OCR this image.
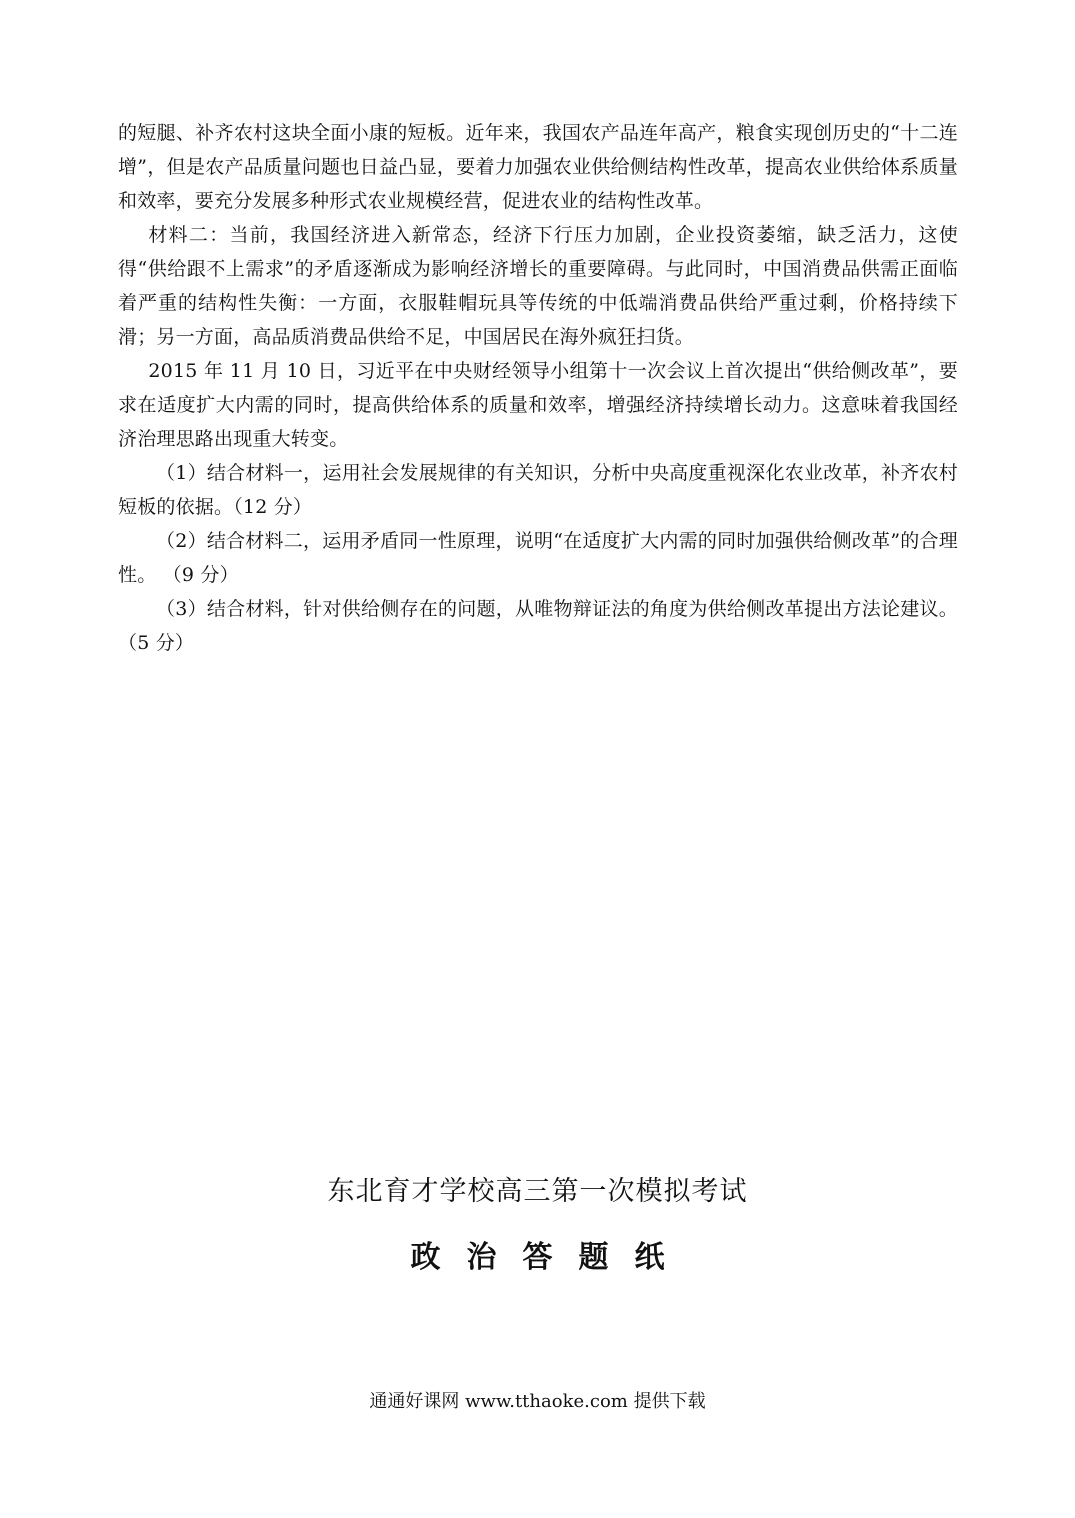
的短腿、补齐农村这块全面小康的短板。近年来，我国农产品连年高产，粮食实现创历史的“十二连增”，但是农产品质量问题也日益凸显，要着力加强农业供给侧结构性改革，提高农业供给体系质量和效率，要充分发展多种形式农业规模经营，促进农业的结构性改革。

材料二：当前，我国经济进入新常态，经济下行压力加剧，企业投资萎缩，缺乏活力，这使得“供给跟不上需求”的矛盾逐渐成为影响经济增长的重要障碍。与此同时，中国消费品供需正面临着严重的结构性失衡：一方面，衣服鞋帽玩具等传统的中低端消费品供给严重过剩，价格持续下滑；另一方面，高品质消费品供给不足，中国居民在海外疯狂扫货。

2015 年 11 月 10 日，习近平在中央财经领导小组第十一次会议上首次提出“供给侧改革”，要求在适度扩大内需的同时，提高供给体系的质量和效率，增强经济持续增长动力。这意味着我国经济治理思路出现重大转变。

（1）结合材料一，运用社会发展规律的有关知识，分析中央高度重视深化农业改革，补齐农村短板的依据。（12 分）

（2）结合材料二，运用矛盾同一性原理，说明“在适度扩大内需的同时加强供给侧改革”的合理性。 （9 分）

（3）结合材料，针对供给侧存在的问题，从唯物辩证法的角度为供给侧改革提出方法论建议。（5 分）

东北育才学校高三第一次模拟考试
政治答题纸
通通好课网 www.tthaoke.com 提供下载
